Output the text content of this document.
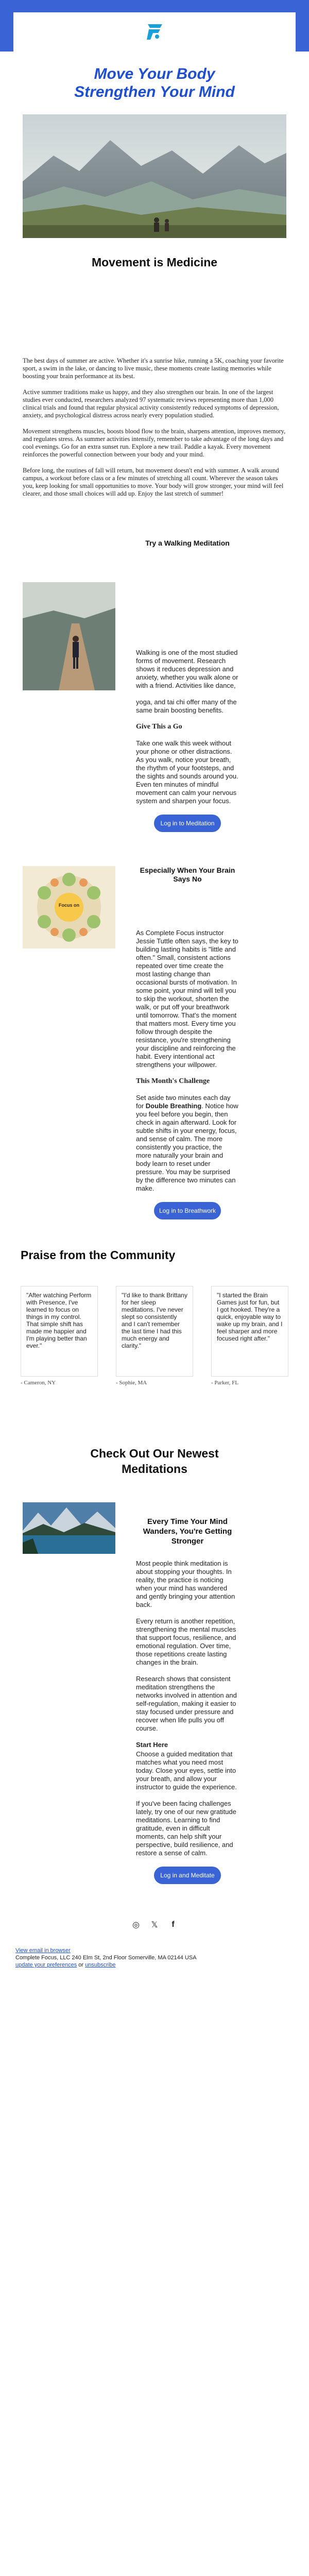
Move Your Body
Strengthen Your Mind
Movement is Medicine

The best days of summer are active. Whether it's a sunrise hike, running a 5K, coaching your favorite sport, a swim in the lake, or dancing to live music, these moments create lasting memories while boosting your brain performance at its best.

Active summer traditions make us happy, and they also strengthen our brain. In one of the largest studies ever conducted, researchers analyzed 97 systematic reviews representing more than 1,000 clinical trials and found that regular physical activity consistently reduced symptoms of depression, anxiety, and psychological distress across nearly every population studied.

Movement strengthens muscles, boosts blood flow to the brain, sharpens attention, improves memory, and regulates stress. As summer activities intensify, remember to take advantage of the long days and cool evenings. Go for an extra sunset run. Explore a new trail. Paddle a kayak. Every movement reinforces the powerful connection between your body and your mind.

Before long, the routines of fall will return, but movement doesn't end with summer. A walk around campus, a workout before class or a few minutes of stretching all count. Wherever the season takes you, keep looking for small opportunities to move. Your body will grow stronger, your mind will feel clearer, and those small choices will add up. Enjoy the last stretch of summer!

Try a Walking Meditation

Walking is one of the most studied forms of movement. Research shows it reduces depression and anxiety, whether you walk alone or with a friend. Activities like dance,

yoga, and tai chi offer many of the same brain boosting benefits.

Give This a Go

Take one walk this week without your phone or other distractions. As you walk, notice your breath, the rhythm of your footsteps, and the sights and sounds around you. Even ten minutes of mindful movement can calm your nervous system and sharpen your focus.

Log in to Meditation
Focus on
Especially When Your Brain Says No

As Complete Focus instructor Jessie Tuttle often says, the key to building lasting habits is "little and often." Small, consistent actions repeated over time create the most lasting change than occasional bursts of motivation. In some point, your mind will tell you to skip the workout, shorten the walk, or put off your breathwork until tomorrow. That's the moment that matters most. Every time you follow through despite the resistance, you're strengthening your discipline and reinforcing the habit. Every intentional act strengthens your willpower.

This Month's Challenge

Set aside two minutes each day for Double Breathing. Notice how you feel before you begin, then check in again afterward. Look for subtle shifts in your energy, focus, and sense of calm. The more consistently you practice, the more naturally your brain and body learn to reset under pressure. You may be surprised by the difference two minutes can make.

Log in to Breathwork
Praise from the Community
"After watching Perform with Presence, I've learned to focus on things in my control. That simple shift has made me happier and I'm playing better than ever."
- Cameron, NY
"I'd like to thank Brittany for her sleep meditations. I've never slept so consistently and I can't remember the last time I had this much energy and clarity."
- Sophie, MA
"I started the Brain Games just for fun, but I got hooked. They're a quick, enjoyable way to wake up my brain, and I feel sharper and more focused right after."
- Parker, FL
Check Out Our Newest
Meditations
Every Time Your Mind Wanders, You're Getting Stronger

Most people think meditation is about stopping your thoughts. In reality, the practice is noticing when your mind has wandered and gently bringing your attention back.

Every return is another repetition, strengthening the mental muscles that support focus, resilience, and emotional regulation. Over time, those repetitions create lasting changes in the brain.

Research shows that consistent meditation strengthens the networks involved in attention and self-regulation, making it easier to stay focused under pressure and recover when life pulls you off course.

Start Here

Choose a guided meditation that matches what you need most today. Close your eyes, settle into your breath, and allow your instructor to guide the experience.

If you've been facing challenges lately, try one of our new gratitude meditations. Learning to find gratitude, even in difficult moments, can help shift your perspective, build resilience, and restore a sense of calm.

Log in and Meditate
◎ 𝕏	f
View email in browser
Complete Focus, LLC 240 Elm St, 2nd Floor Somerville, MA 02144 USA
update your preferences or unsubscribe
